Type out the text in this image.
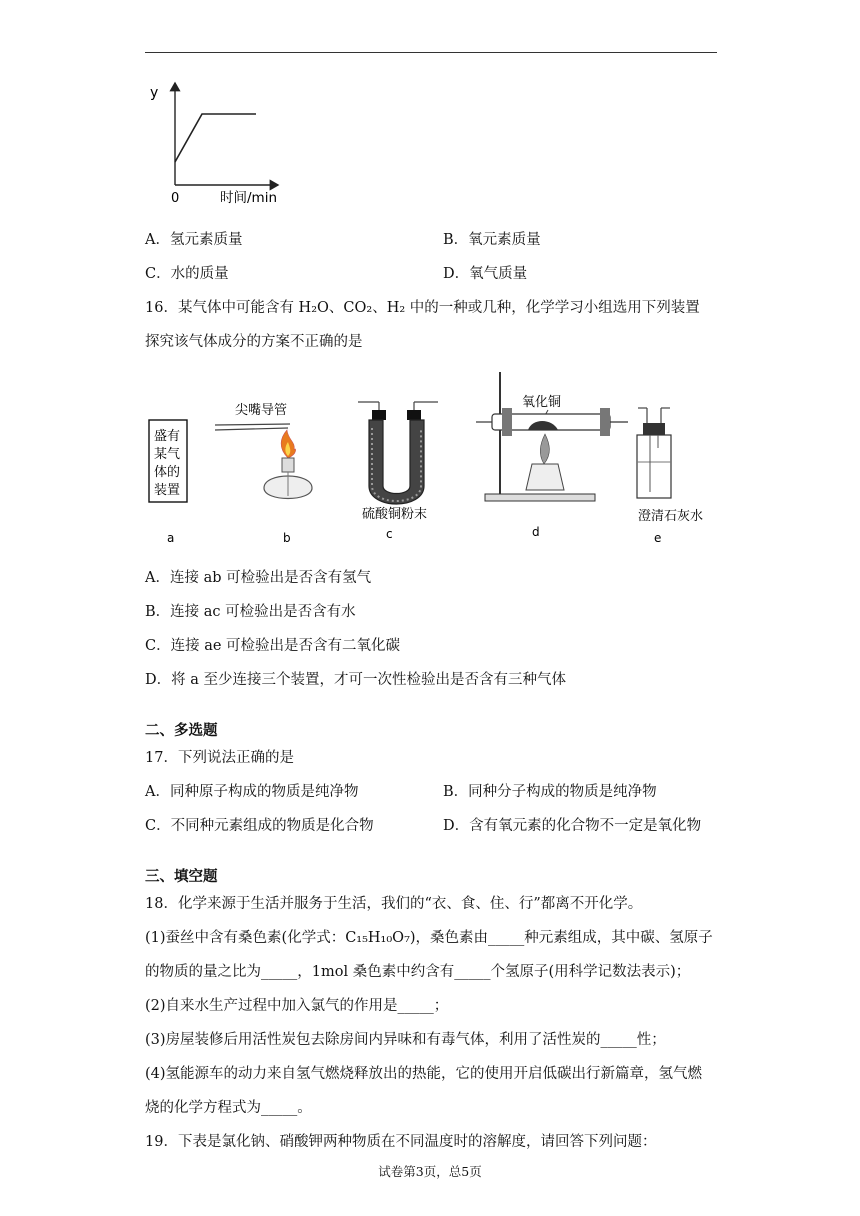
y
0	时间/min
A．氢元素质量	B．氧元素质量
C．水的质量	D．氧气质量
16．某气体中可能含有 H₂O、CO₂、H₂ 中的一种或几种，化学学习小组选用下列装置
探究该气体成分的方案不正确的是
盛有
某气
体的
装置
尖嘴导管
硫酸铜粉末
氧化铜
澄清石灰水
a	b	c	d	e
A．连接 ab 可检验出是否含有氢气
B．连接 ac 可检验出是否含有水
C．连接 ae 可检验出是否含有二氧化碳
D．将 a 至少连接三个装置，才可一次性检验出是否含有三种气体
二、多选题
17．下列说法正确的是
A．同种原子构成的物质是纯净物	B．同种分子构成的物质是纯净物
C．不同种元素组成的物质是化合物	D．含有氧元素的化合物不一定是氧化物
三、填空题
18．化学来源于生活并服务于生活，我们的“衣、食、住、行”都离不开化学。
(1)蚕丝中含有桑色素(化学式：C₁₅H₁₀O₇)，桑色素由_____种元素组成，其中碳、氢原子
的物质的量之比为_____，1mol 桑色素中约含有_____个氢原子(用科学记数法表示)；
(2)自来水生产过程中加入氯气的作用是_____；
(3)房屋装修后用活性炭包去除房间内异味和有毒气体，利用了活性炭的_____性；
(4)氢能源车的动力来自氢气燃烧释放出的热能，它的使用开启低碳出行新篇章，氢气燃
烧的化学方程式为_____。
19．下表是氯化钠、硝酸钾两种物质在不同温度时的溶解度，请回答下列问题：
试卷第3页，总5页
